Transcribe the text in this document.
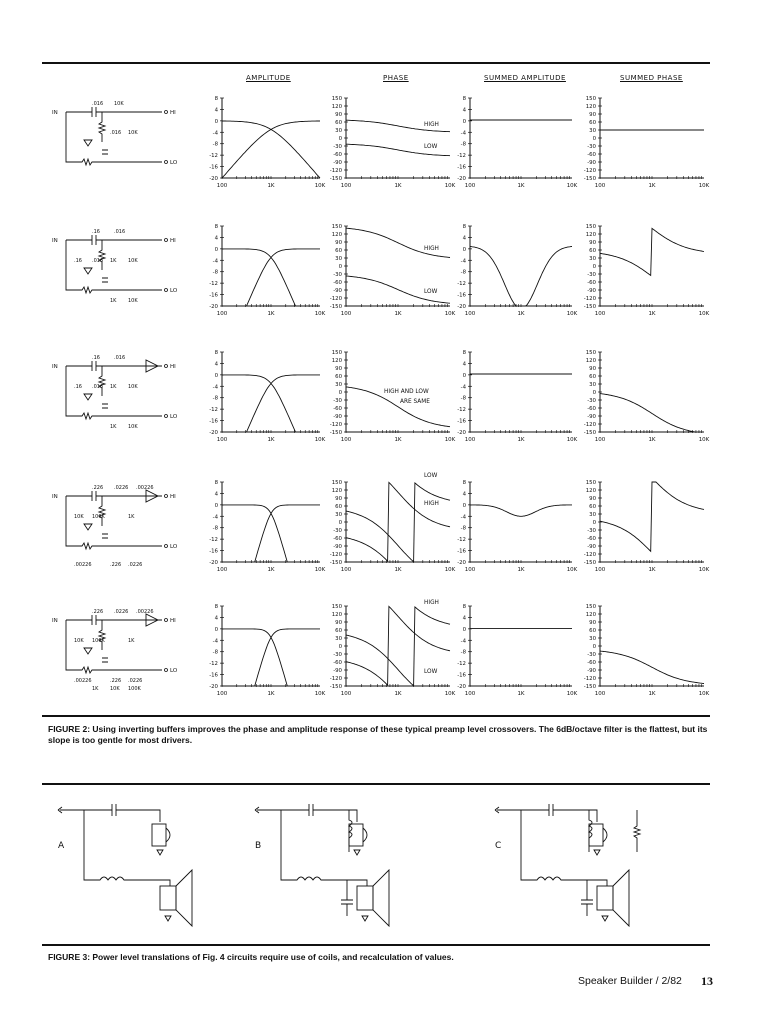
AMPLITUDE	PHASE	SUMMED AMPLITUDE	SUMMED PHASE
8
4
0
-4
-8
-12
-16
-20
100	1K	10K
150
120
90
60
30
0
-30
-60
-90
-120
-150
100	1K	10K
HIGH
LOW
8
4
0
-4
-8
-12
-16
-20
100	1K	10K
150
120
90
60
30
0
-30
-60
-90
-120
-150
100	1K	10K
IN	HI
LO
.016 10K
.016 10K
8
4
0
-4
-8
-12
-16
-20
100	1K	10K
150
120
90
60
30
0
-30
-60
-90
-120
-150
100	1K	10K
HIGH
LOW
8
4
0
-4
-8
-12
-16
-20
100	1K	10K
150
120
90
60
30
0
-30
-60
-90
-120
-150
100	1K	10K
IN	HI
LO
.16	.016
1K 10K
.16 .016
1K 10K
8
4
0
-4
-8
-12
-16
-20
100	1K	10K
150
120
90
60
30
0
-30
-60
-90
-120
-150
100	1K	10K
HIGH AND LOW
ARE SAME
8
4
0
-4
-8
-12
-16
-20
100	1K	10K
150
120
90
60
30
0
-30
-60
-90
-120
-150
100	1K	10K
IN	HI
LO
.16	.016
1K 10K
.16 .016
1K 10K
8
4
0
-4
-8
-12
-16
-20
100	1K	10K
150
120
90
60
30
0
-30
-60
-90
-120
-150
100	1K	10K
HIGH
LOW
8
4
0
-4
-8
-12
-16
-20
100	1K	10K
150
120
90
60
30
0
-30
-60
-90
-120
-150
100	1K	10K
IN	HI
LO
.226 .0226 .00226
1K
10K 100K
.226 .0226
.00226
8
4
0
-4
-8
-12
-16
-20
100	1K	10K
150
120
90
60
30
0
-30
-60
-90
-120
-150
100	1K	10K
HIGH
LOW
8
4
0
-4
-8
-12
-16
-20
100	1K	10K
150
120
90
60
30
0
-30
-60
-90
-120
-150
100	1K	10K
IN	HI
LO
.226 .0226 .00226
1K
10K 100K
.226 .0226
.00226
1K 10K 100K
FIGURE 2: Using inverting buffers improves the phase and amplitude response of these typical preamp level crossovers. The 6dB/octave filter is the flattest, but its slope is too gentle for most drivers.
A	B	C
FIGURE 3: Power level translations of Fig. 4 circuits require use of coils, and recalculation of values.
Speaker Builder / 2/82 13
